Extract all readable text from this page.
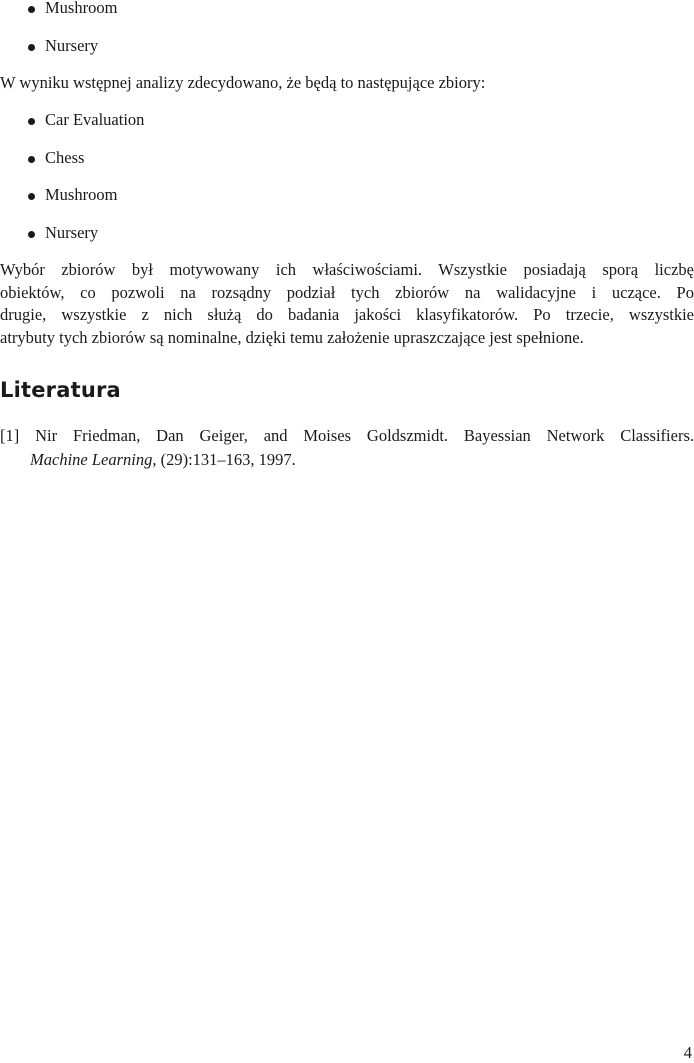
Mushroom
Nursery
W wyniku wstępnej analizy zdecydowano, że będą to następujące zbiory:
Car Evaluation
Chess
Mushroom
Nursery
Wybór zbiorów był motywowany ich właściwościami. Wszystkie posiadają sporą liczbę
obiektów, co pozwoli na rozsądny podział tych zbiorów na walidacyjne i uczące. Po
drugie, wszystkie z nich służą do badania jakości klasyfikatorów. Po trzecie, wszystkie
atrybuty tych zbiorów są nominalne, dzięki temu założenie upraszczające jest spełnione.
Literatura
[1] Nir Friedman, Dan Geiger, and Moises Goldszmidt. Bayessian Network Classifiers.
Machine Learning, (29):131–163, 1997.
4
